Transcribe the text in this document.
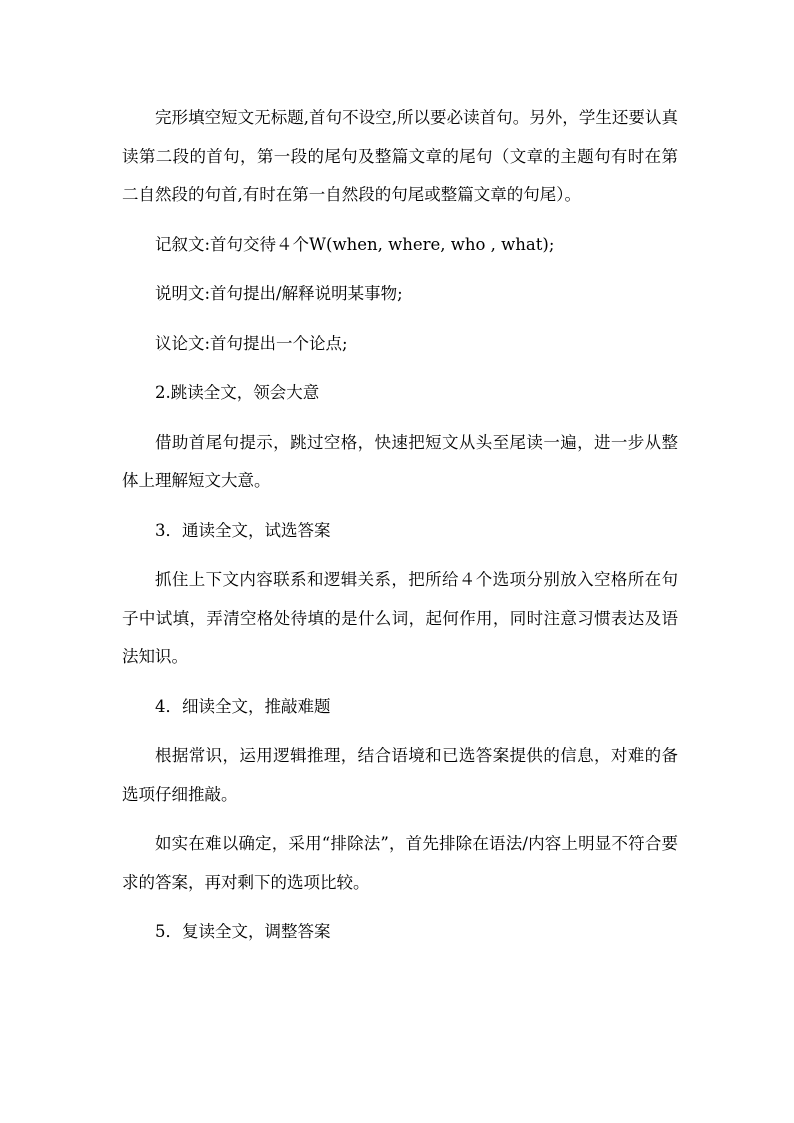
完形填空短文无标题,首句不设空,所以要必读首句。另外，学生还要认真读第二段的首句，第一段的尾句及整篇文章的尾句（文章的主题句有时在第二自然段的句首,有时在第一自然段的句尾或整篇文章的句尾）。

记叙文:首句交待４个W(when, where, who , what);

说明文:首句提出/解释说明某事物;

议论文:首句提出一个论点;

2.跳读全文，领会大意

借助首尾句提示，跳过空格，快速把短文从头至尾读一遍，进一步从整体上理解短文大意。

3．通读全文，试选答案

抓住上下文内容联系和逻辑关系，把所给４个选项分别放入空格所在句子中试填，弄清空格处待填的是什么词，起何作用，同时注意习惯表达及语法知识。

4．细读全文，推敲难题

根据常识，运用逻辑推理，结合语境和已选答案提供的信息，对难的备选项仔细推敲。

如实在难以确定，采用“排除法”，首先排除在语法/内容上明显不符合要求的答案，再对剩下的选项比较。

5．复读全文，调整答案
